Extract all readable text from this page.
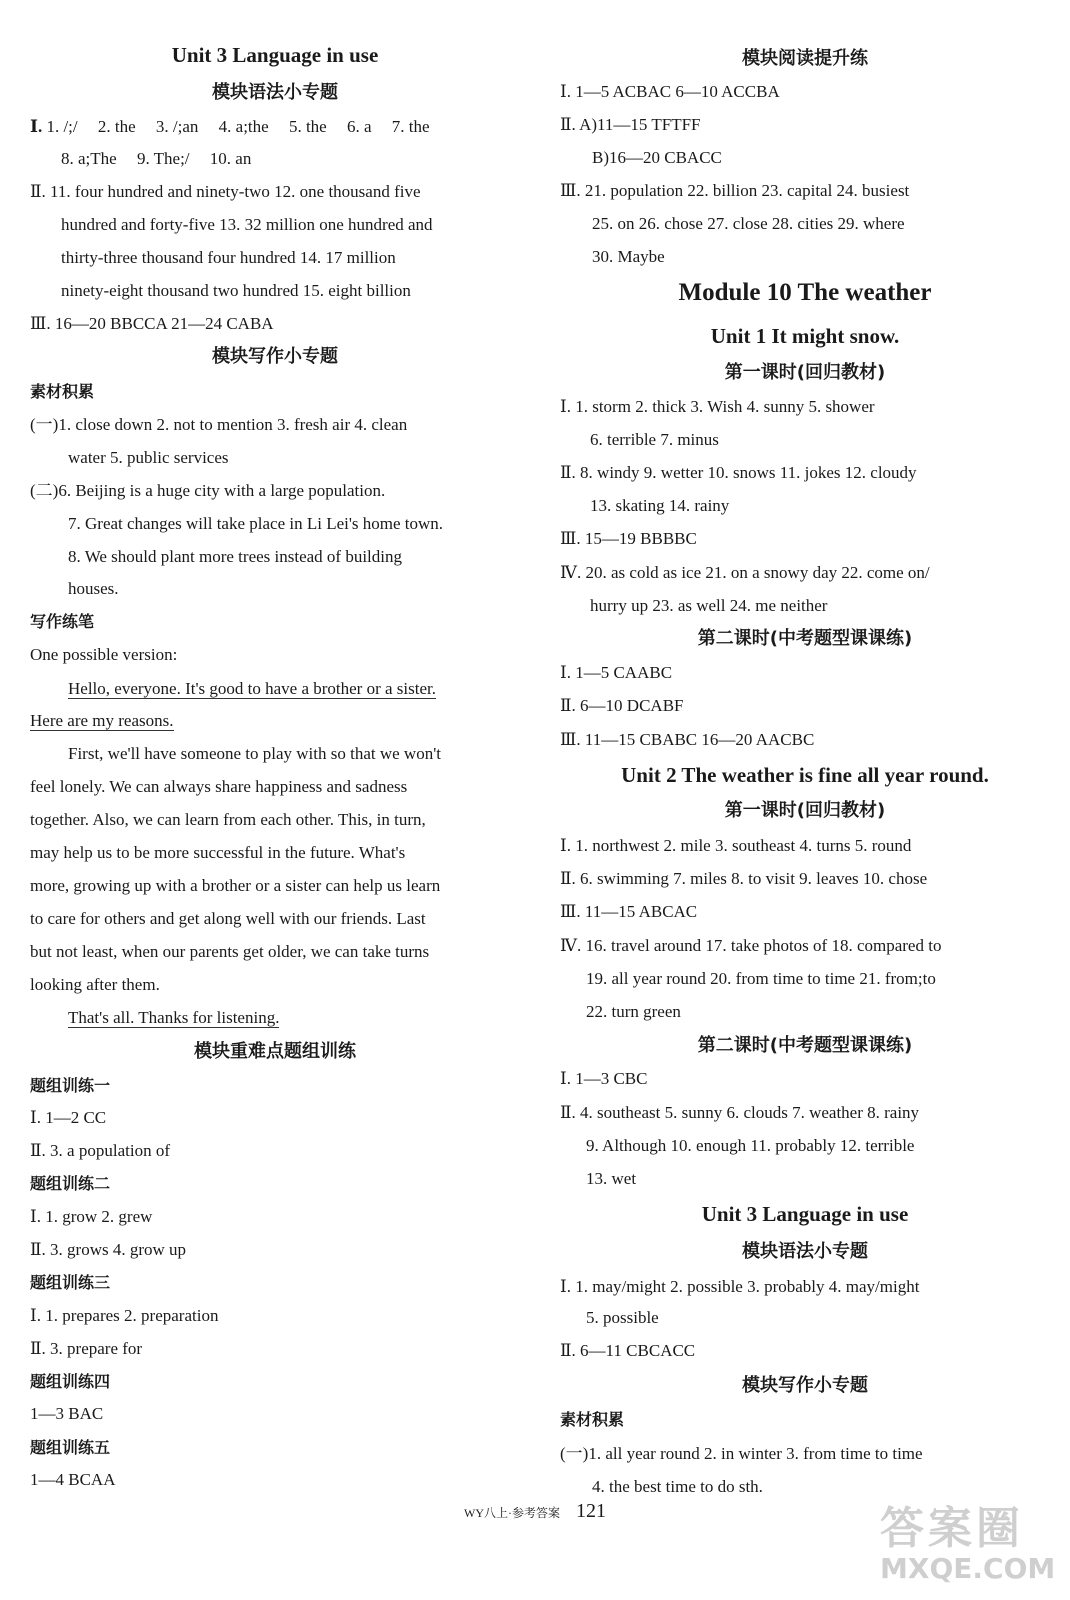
Unit 3 Language in use
模块语法小专题
Ⅰ. 1. /;/ 2. the 3. /;an 4. a;the 5. the 6. a 7. the
8. a;The 9. The;/ 10. an
Ⅱ. 11. four hundred and ninety-two 12. one thousand five
hundred and forty-five 13. 32 million one hundred and
thirty-three thousand four hundred 14. 17 million
ninety-eight thousand two hundred 15. eight billion
Ⅲ. 16—20 BBCCA 21—24 CABA
模块写作小专题
素材积累
(一)1. close down 2. not to mention 3. fresh air 4. clean
water 5. public services
(二)6. Beijing is a huge city with a large population.
7. Great changes will take place in Li Lei's home town.
8. We should plant more trees instead of building
houses.
写作练笔
One possible version:
Hello, everyone. It's good to have a brother or a sister.
Here are my reasons.
First, we'll have someone to play with so that we won't
feel lonely. We can always share happiness and sadness
together. Also, we can learn from each other. This, in turn,
may help us to be more successful in the future. What's
more, growing up with a brother or a sister can help us learn
to care for others and get along well with our friends. Last
but not least, when our parents get older, we can take turns
looking after them.
That's all. Thanks for listening.
模块重难点题组训练
题组训练一
Ⅰ. 1—2 CC
Ⅱ. 3. a population of
题组训练二
Ⅰ. 1. grow 2. grew
Ⅱ. 3. grows 4. grow up
题组训练三
Ⅰ. 1. prepares 2. preparation
Ⅱ. 3. prepare for
题组训练四
1—3 BAC
题组训练五
1—4 BCAA
模块阅读提升练
Ⅰ. 1—5 ACBAC 6—10 ACCBA
Ⅱ. A)11—15 TFTFF
B)16—20 CBACC
Ⅲ. 21. population 22. billion 23. capital 24. busiest
25. on 26. chose 27. close 28. cities 29. where
30. Maybe
Module 10 The weather
Unit 1 It might snow.
第一课时(回归教材)
Ⅰ. 1. storm 2. thick 3. Wish 4. sunny 5. shower
6. terrible 7. minus
Ⅱ. 8. windy 9. wetter 10. snows 11. jokes 12. cloudy
13. skating 14. rainy
Ⅲ. 15—19 BBBBC
Ⅳ. 20. as cold as ice 21. on a snowy day 22. come on/
hurry up 23. as well 24. me neither
第二课时(中考题型课课练)
Ⅰ. 1—5 CAABC
Ⅱ. 6—10 DCABF
Ⅲ. 11—15 CBABC 16—20 AACBC
Unit 2 The weather is fine all year round.
第一课时(回归教材)
Ⅰ. 1. northwest 2. mile 3. southeast 4. turns 5. round
Ⅱ. 6. swimming 7. miles 8. to visit 9. leaves 10. chose
Ⅲ. 11—15 ABCAC
Ⅳ. 16. travel around 17. take photos of 18. compared to
19. all year round 20. from time to time 21. from;to
22. turn green
第二课时(中考题型课课练)
Ⅰ. 1—3 CBC
Ⅱ. 4. southeast 5. sunny 6. clouds 7. weather 8. rainy
9. Although 10. enough 11. probably 12. terrible
13. wet
Unit 3 Language in use
模块语法小专题
Ⅰ. 1. may/might 2. possible 3. probably 4. may/might
5. possible
Ⅱ. 6—11 CBCACC
模块写作小专题
素材积累
(一)1. all year round 2. in winter 3. from time to time
4. the best time to do sth.
WY八上·参考答案 121	答案圈
MXQE.COM
